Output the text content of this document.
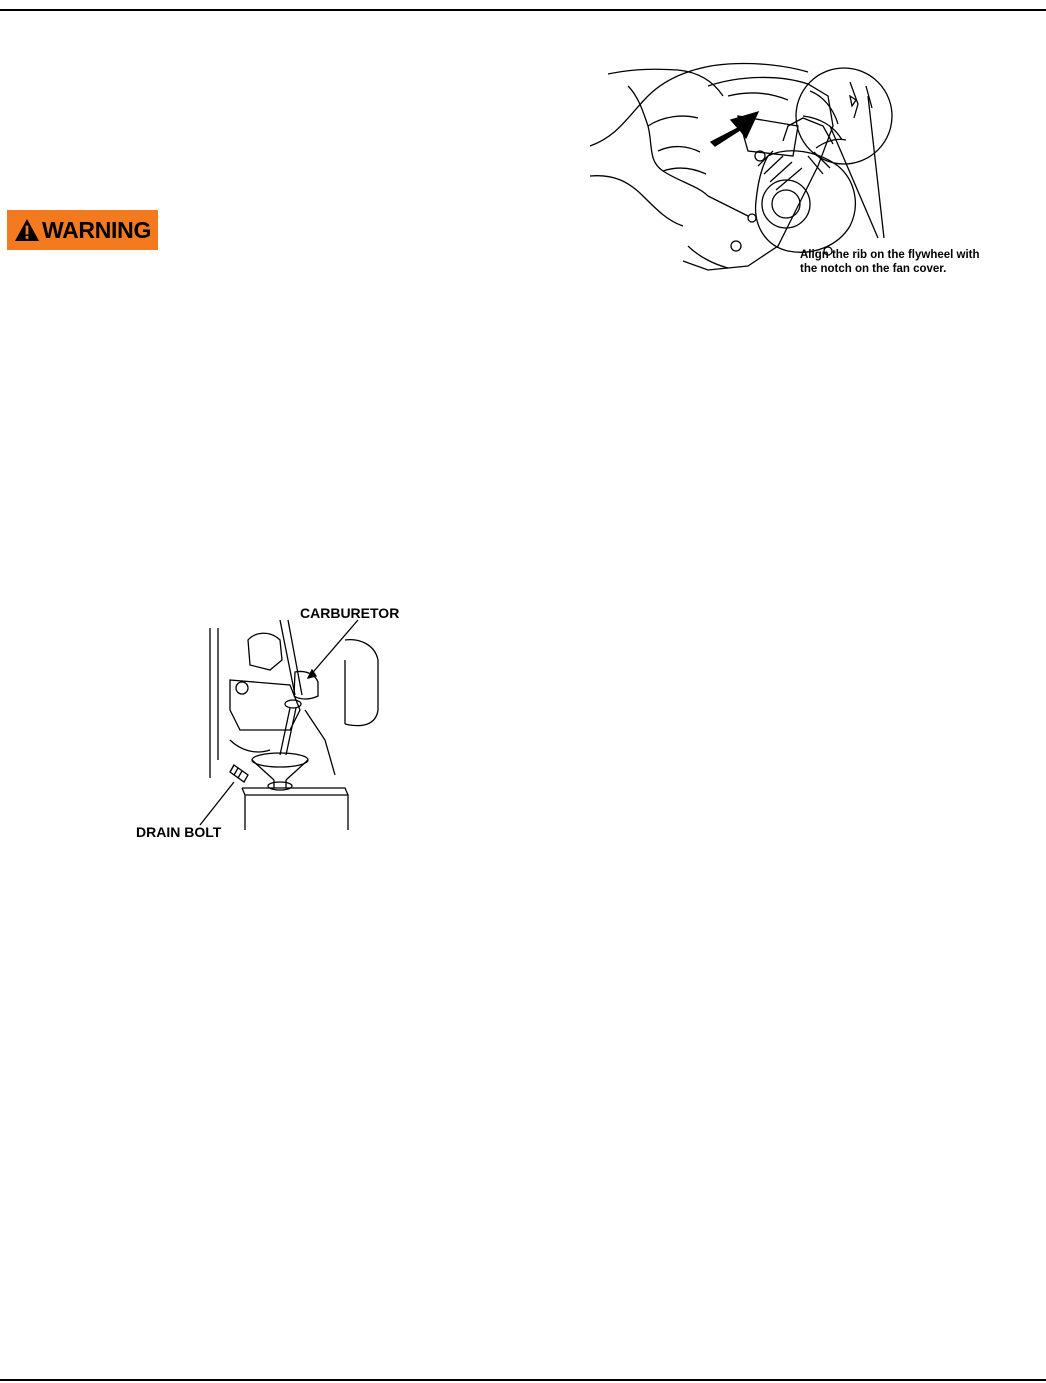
WARNING
Align the rib on the flywheel with
the notch on the fan cover.
CARBURETOR
DRAIN BOLT
